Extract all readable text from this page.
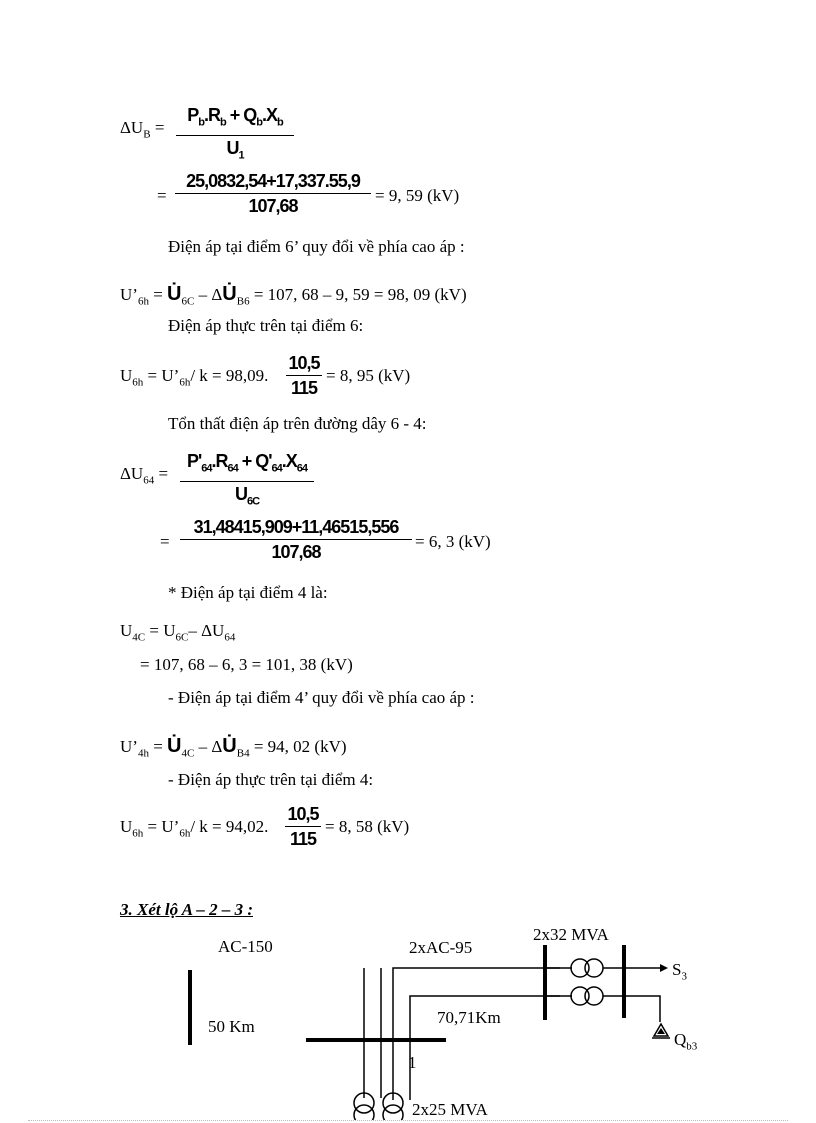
$\Delta U_B$ =
$P_b.R_b + Q_b.X_b$
$U_1$
=
25,0832,54+17,337.55,9
107,68
= 9, 59 (kV)
Điện áp tại điểm 6’ quy đổi về phía cao áp :
$U’_{6h}$ = $U̇_{6C}$ – $\Delta U̇_{B6} = 107$, 68 – 9, 59 = 98, 09 (kV)
Điện áp thực trên tại điểm 6:
$U_{6h}$ = $U’_{6h}/$ k = 98,09.
10,5
115
= 8, 95 (kV)
Tổn thất điện áp trên đường dây 6 - 4:
$\Delta U_{64}$ =
$P'_{64}.R_{64} + Q'_{64}.X_{64}$
$U_{6C}$
=
31,48415,909+11,46515,556
107,68
= 6, 3 (kV)
* Điện áp tại điểm 4 là:
$U_{4C} = U_{6C}-$ $\Delta U_{64}$
= 107, 68 – 6, 3 = 101, 38 (kV)
- Điện áp tại điểm 4’ quy đổi về phía cao áp :
$U’_{4h}$ = $U̇_{4C}$ – $\Delta U̇_{B4} = 94$, 02 (kV)
- Điện áp thực trên tại điểm 4:
$U_{6h}$ = $U’_{6h}/$ k = 94,02.
10,5
115
= 8, 58 (kV)
3. Xét lộ A – 2 – 3 :
AC-150	2xAC-95
2x32 MVA
$S_3$
50 Km	70,71Km
$Q_{b3}$
1
2x25 MVA
